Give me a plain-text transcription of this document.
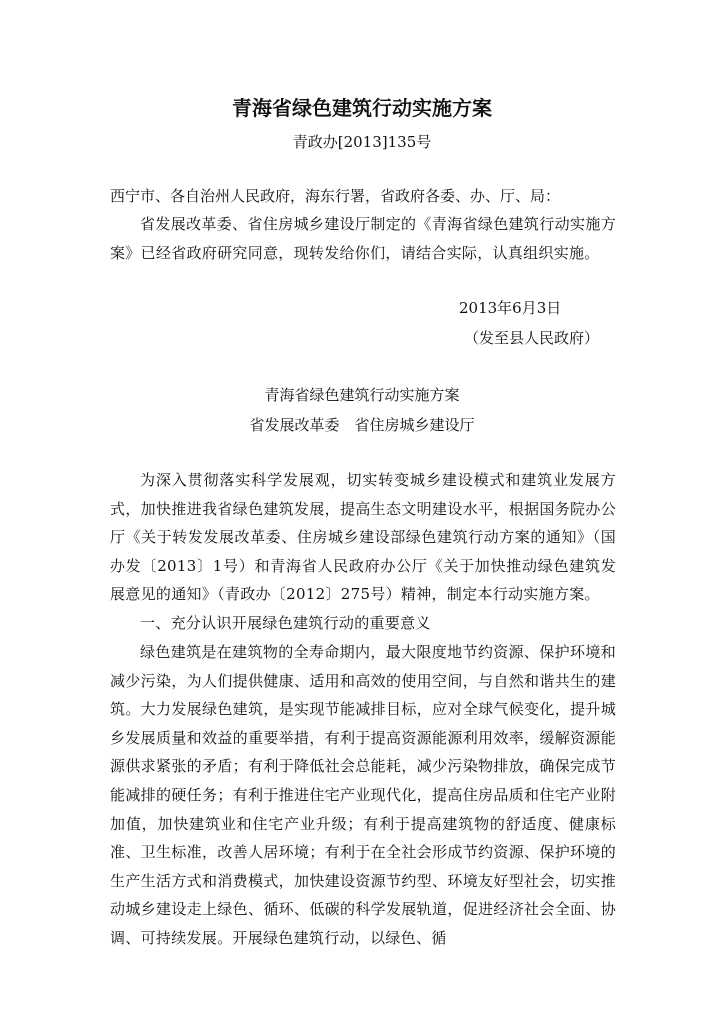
青海省绿色建筑行动实施方案
青政办[2013]135号
西宁市、各自治州人民政府，海东行署，省政府各委、办、厅、局：
省发展改革委、省住房城乡建设厅制定的《青海省绿色建筑行动实施方案》已经省政府研究同意，现转发给你们，请结合实际，认真组织实施。
2013年6月3日
（发至县人民政府）
青海省绿色建筑行动实施方案
省发展改革委　省住房城乡建设厅
为深入贯彻落实科学发展观，切实转变城乡建设模式和建筑业发展方式，加快推进我省绿色建筑发展，提高生态文明建设水平，根据国务院办公厅《关于转发发展改革委、住房城乡建设部绿色建筑行动方案的通知》（国办发〔2013〕1号）和青海省人民政府办公厅《关于加快推动绿色建筑发展意见的通知》（青政办〔2012〕275号）精神，制定本行动实施方案。
一、充分认识开展绿色建筑行动的重要意义
绿色建筑是在建筑物的全寿命期内，最大限度地节约资源、保护环境和减少污染，为人们提供健康、适用和高效的使用空间，与自然和谐共生的建筑。大力发展绿色建筑，是实现节能减排目标，应对全球气候变化，提升城乡发展质量和效益的重要举措，有利于提高资源能源利用效率，缓解资源能源供求紧张的矛盾；有利于降低社会总能耗，减少污染物排放，确保完成节能减排的硬任务；有利于推进住宅产业现代化，提高住房品质和住宅产业附加值，加快建筑业和住宅产业升级；有利于提高建筑物的舒适度、健康标准、卫生标准，改善人居环境；有利于在全社会形成节约资源、保护环境的生产生活方式和消费模式，加快建设资源节约型、环境友好型社会，切实推动城乡建设走上绿色、循环、低碳的科学发展轨道，促进经济社会全面、协调、可持续发展。开展绿色建筑行动，以绿色、循
